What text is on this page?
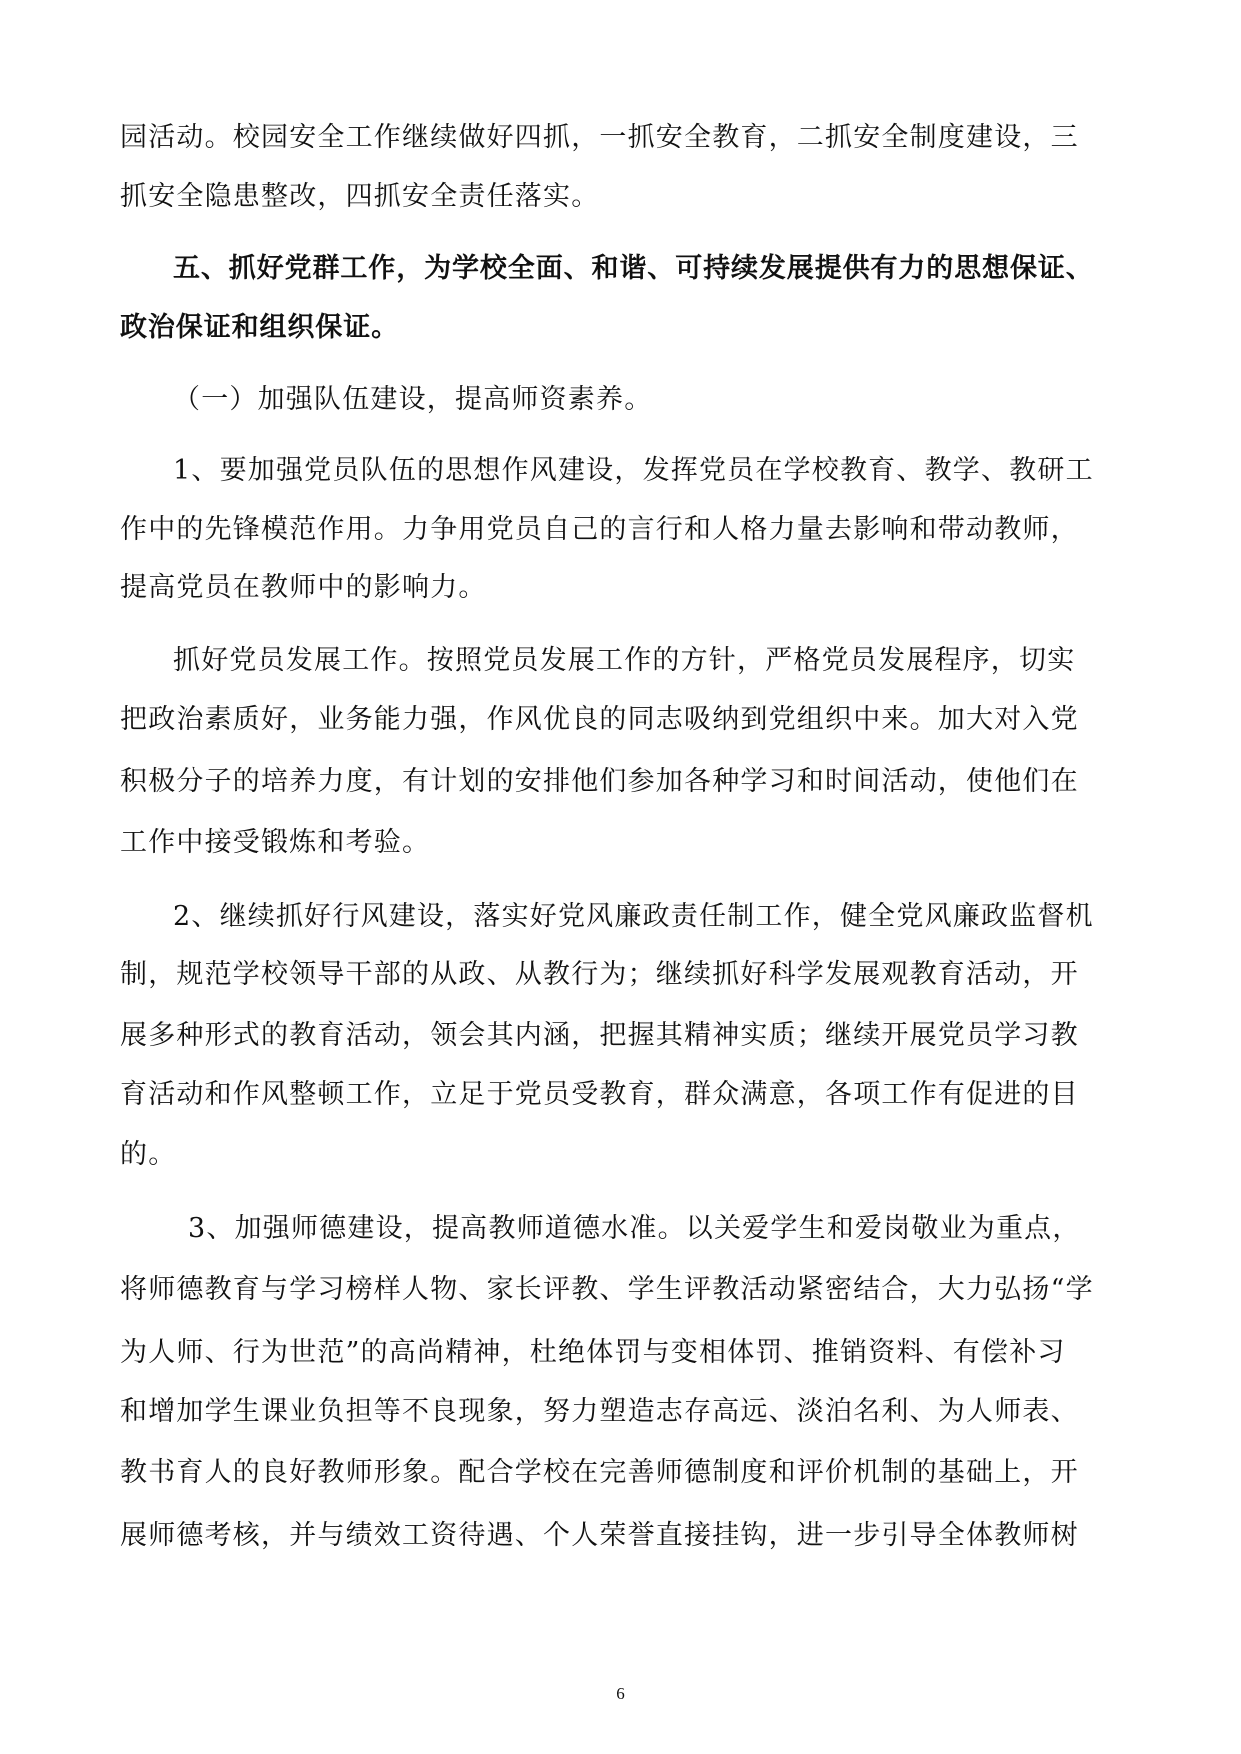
园活动。校园安全工作继续做好四抓，一抓安全教育，二抓安全制度建设，三
抓安全隐患整改，四抓安全责任落实。
五、抓好党群工作，为学校全面、和谐、可持续发展提供有力的思想保证、
政治保证和组织保证。
（一）加强队伍建设，提高师资素养。
1、要加强党员队伍的思想作风建设，发挥党员在学校教育、教学、教研工
作中的先锋模范作用。力争用党员自己的言行和人格力量去影响和带动教师，
提高党员在教师中的影响力。
抓好党员发展工作。按照党员发展工作的方针，严格党员发展程序，切实
把政治素质好，业务能力强，作风优良的同志吸纳到党组织中来。加大对入党
积极分子的培养力度，有计划的安排他们参加各种学习和时间活动，使他们在
工作中接受锻炼和考验。
2、继续抓好行风建设，落实好党风廉政责任制工作，健全党风廉政监督机
制，规范学校领导干部的从政、从教行为；继续抓好科学发展观教育活动，开
展多种形式的教育活动，领会其内涵，把握其精神实质；继续开展党员学习教
育活动和作风整顿工作，立足于党员受教育，群众满意，各项工作有促进的目
的。
3、加强师德建设，提高教师道德水准。以关爱学生和爱岗敬业为重点，
将师德教育与学习榜样人物、家长评教、学生评教活动紧密结合，大力弘扬“学
为人师、行为世范”的高尚精神，杜绝体罚与变相体罚、推销资料、有偿补习
和增加学生课业负担等不良现象，努力塑造志存高远、淡泊名利、为人师表、
教书育人的良好教师形象。配合学校在完善师德制度和评价机制的基础上，开
展师德考核，并与绩效工资待遇、个人荣誉直接挂钩，进一步引导全体教师树
6
